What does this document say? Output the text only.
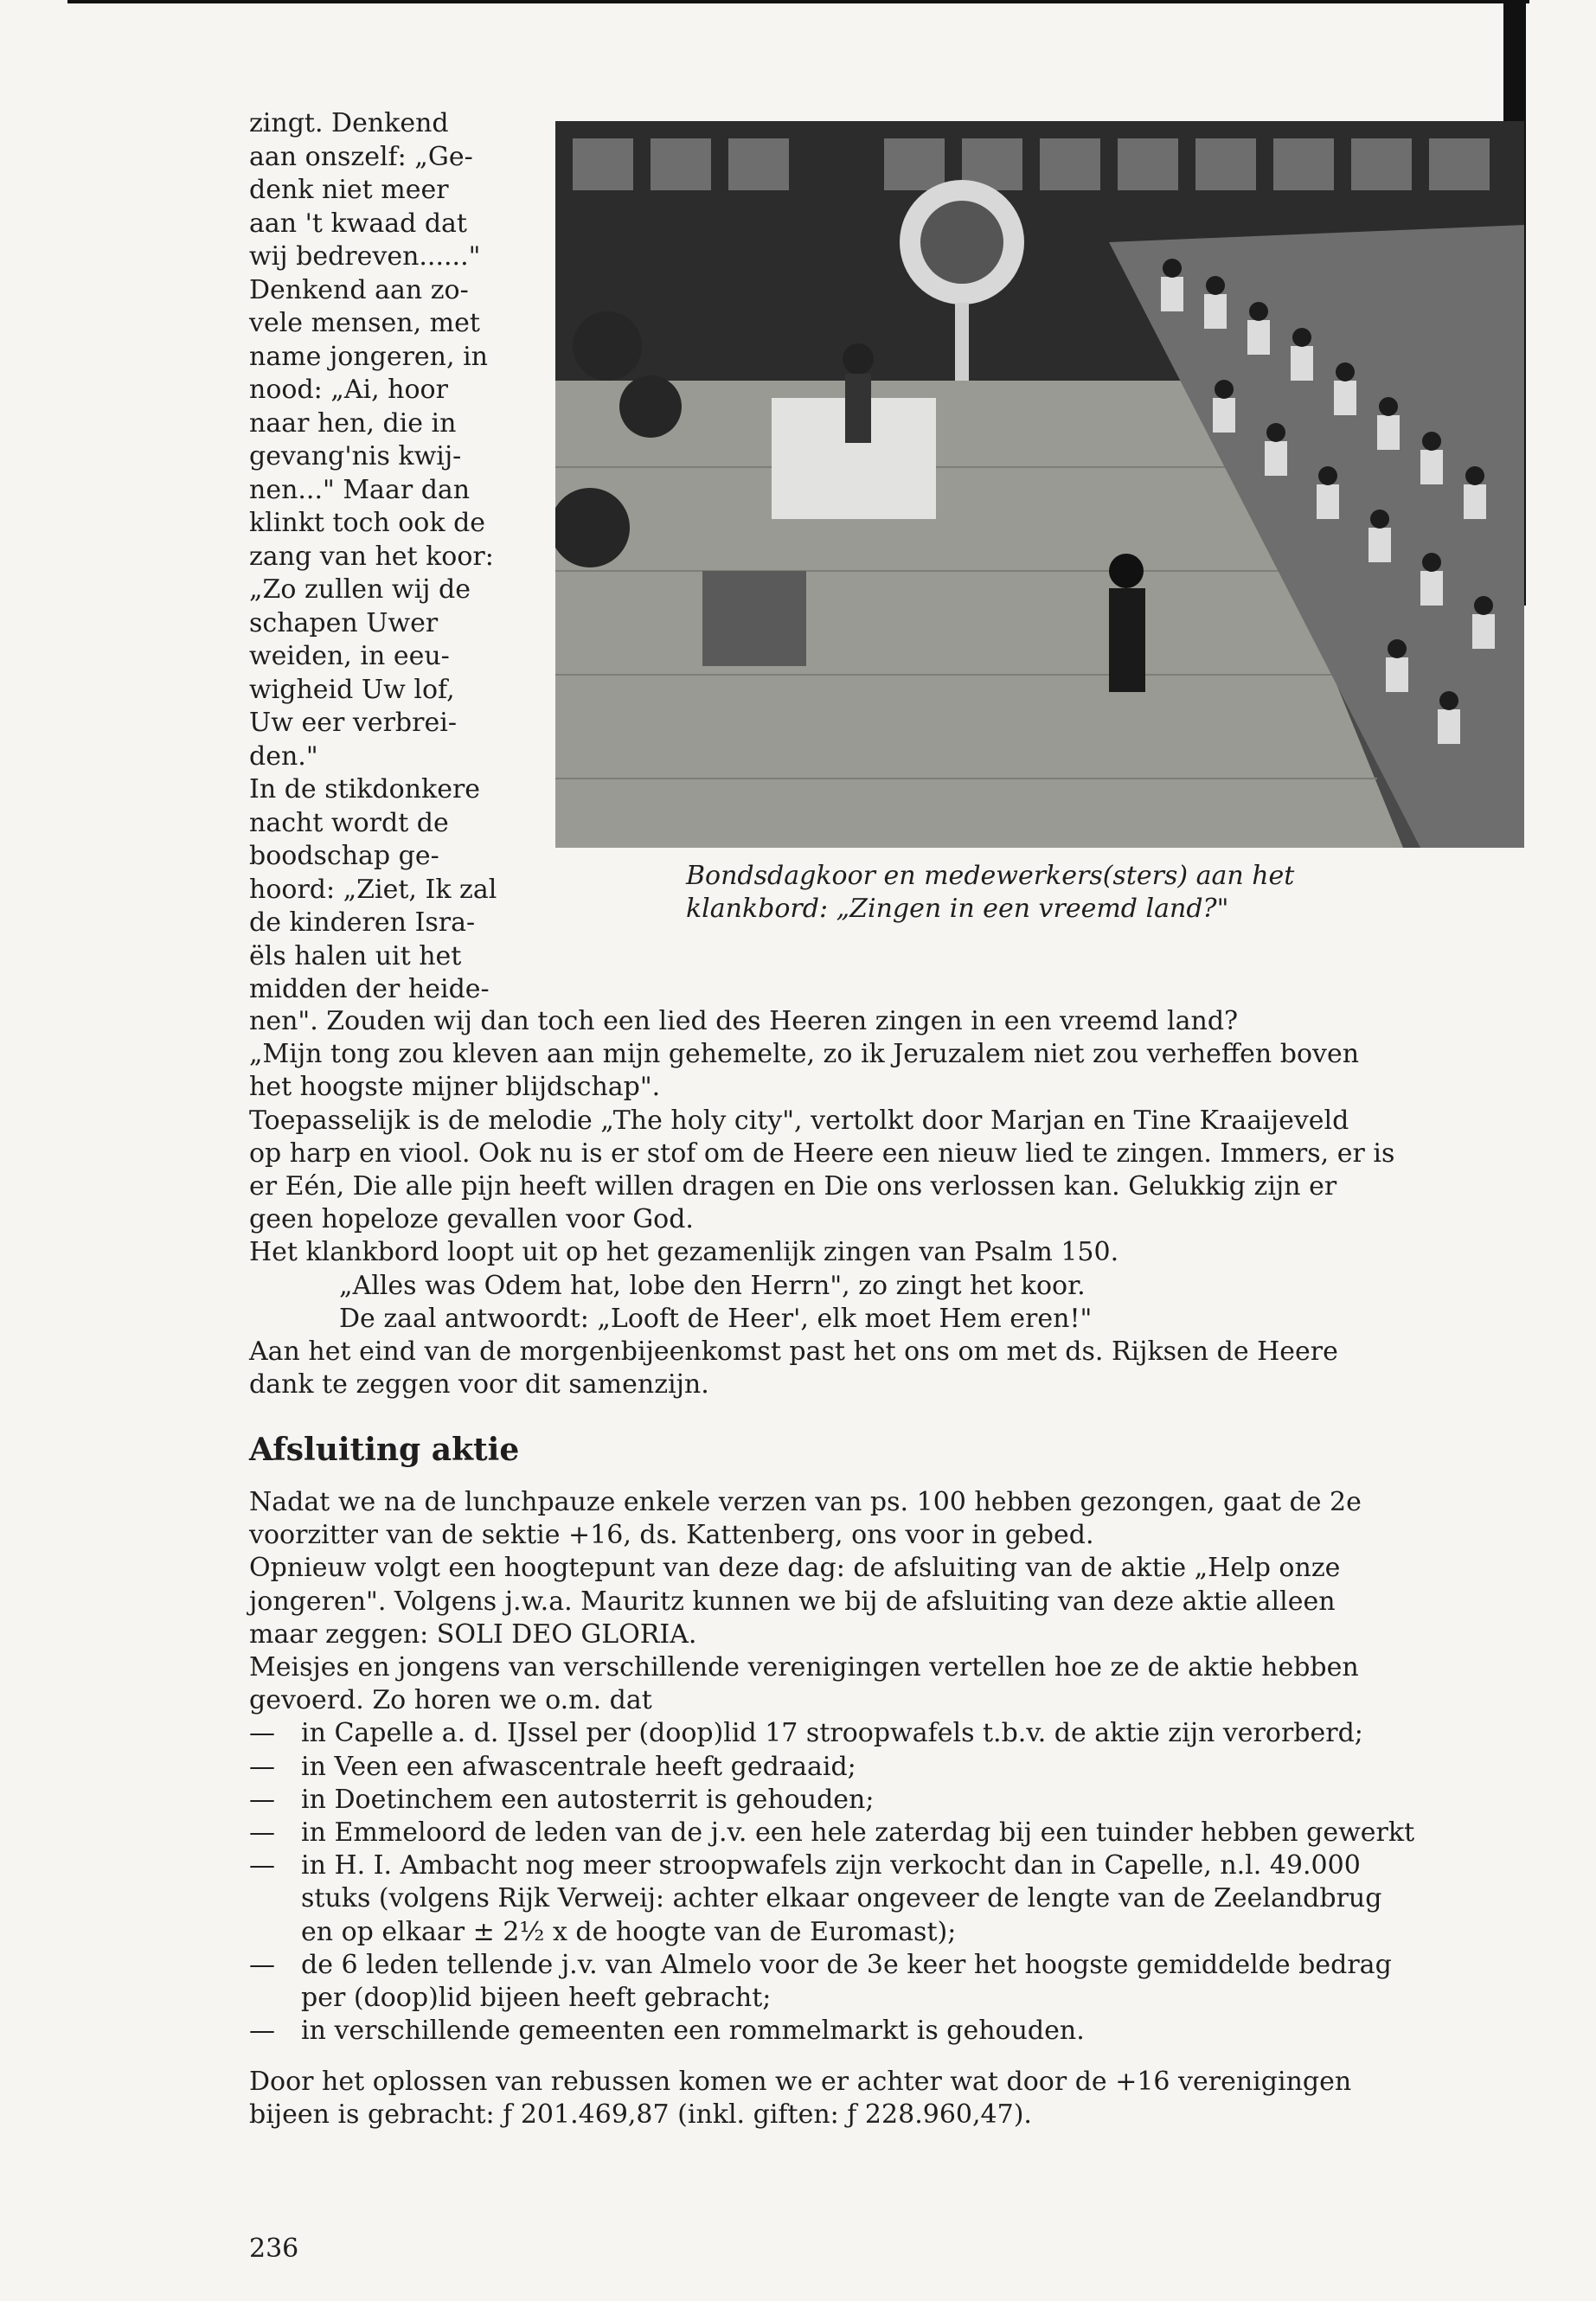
zingt. Denkend
aan onszelf: „Ge-
denk niet meer
aan 't kwaad dat
wij bedreven......"
Denkend aan zo-
vele mensen, met
name jongeren, in
nood: „Ai, hoor
naar hen, die in
gevang'nis kwij-
nen..." Maar dan
klinkt toch ook de
zang van het koor:
„Zo zullen wij de
schapen Uwer
weiden, in eeu-
wigheid Uw lof,
Uw eer verbrei-
den."
In de stikdonkere
nacht wordt de
boodschap ge-
hoord: „Ziet, Ik zal
de kinderen Isra-
ëls halen uit het
midden der heide-
Bondsdagkoor en medewerkers(sters) aan het
klankbord: „Zingen in een vreemd land?"
nen". Zouden wij dan toch een lied des Heeren zingen in een vreemd land?
„Mijn tong zou kleven aan mijn gehemelte, zo ik Jeruzalem niet zou verheffen boven
het hoogste mijner blijdschap".
Toepasselijk is de melodie „The holy city", vertolkt door Marjan en Tine Kraaijeveld
op harp en viool. Ook nu is er stof om de Heere een nieuw lied te zingen. Immers, er is
er Eén, Die alle pijn heeft willen dragen en Die ons verlossen kan. Gelukkig zijn er
geen hopeloze gevallen voor God.
Het klankbord loopt uit op het gezamenlijk zingen van Psalm 150.
„Alles was Odem hat, lobe den Herrn", zo zingt het koor.
De zaal antwoordt: „Looft de Heer', elk moet Hem eren!"
Aan het eind van de morgenbijeenkomst past het ons om met ds. Rijksen de Heere
dank te zeggen voor dit samenzijn.
Afsluiting aktie
Nadat we na de lunchpauze enkele verzen van ps. 100 hebben gezongen, gaat de 2e
voorzitter van de sektie +16, ds. Kattenberg, ons voor in gebed.
Opnieuw volgt een hoogtepunt van deze dag: de afsluiting van de aktie „Help onze
jongeren". Volgens j.w.a. Mauritz kunnen we bij de afsluiting van deze aktie alleen
maar zeggen: SOLI DEO GLORIA.
Meisjes en jongens van verschillende verenigingen vertellen hoe ze de aktie hebben
gevoerd. Zo horen we o.m. dat
—	in Capelle a. d. IJssel per (doop)lid 17 stroopwafels t.b.v. de aktie zijn verorberd;
—	in Veen een afwascentrale heeft gedraaid;
—	in Doetinchem een autosterrit is gehouden;
—	in Emmeloord de leden van de j.v. een hele zaterdag bij een tuinder hebben gewerkt
—	in H. I. Ambacht nog meer stroopwafels zijn verkocht dan in Capelle, n.l. 49.000
stuks (volgens Rijk Verweij: achter elkaar ongeveer de lengte van de Zeelandbrug
en op elkaar ± 2½ x de hoogte van de Euromast);
—	de 6 leden tellende j.v. van Almelo voor de 3e keer het hoogste gemiddelde bedrag
per (doop)lid bijeen heeft gebracht;
—	in verschillende gemeenten een rommelmarkt is gehouden.
Door het oplossen van rebussen komen we er achter wat door de +16 verenigingen
bijeen is gebracht: ƒ 201.469,87 (inkl. giften: ƒ 228.960,47).
236
